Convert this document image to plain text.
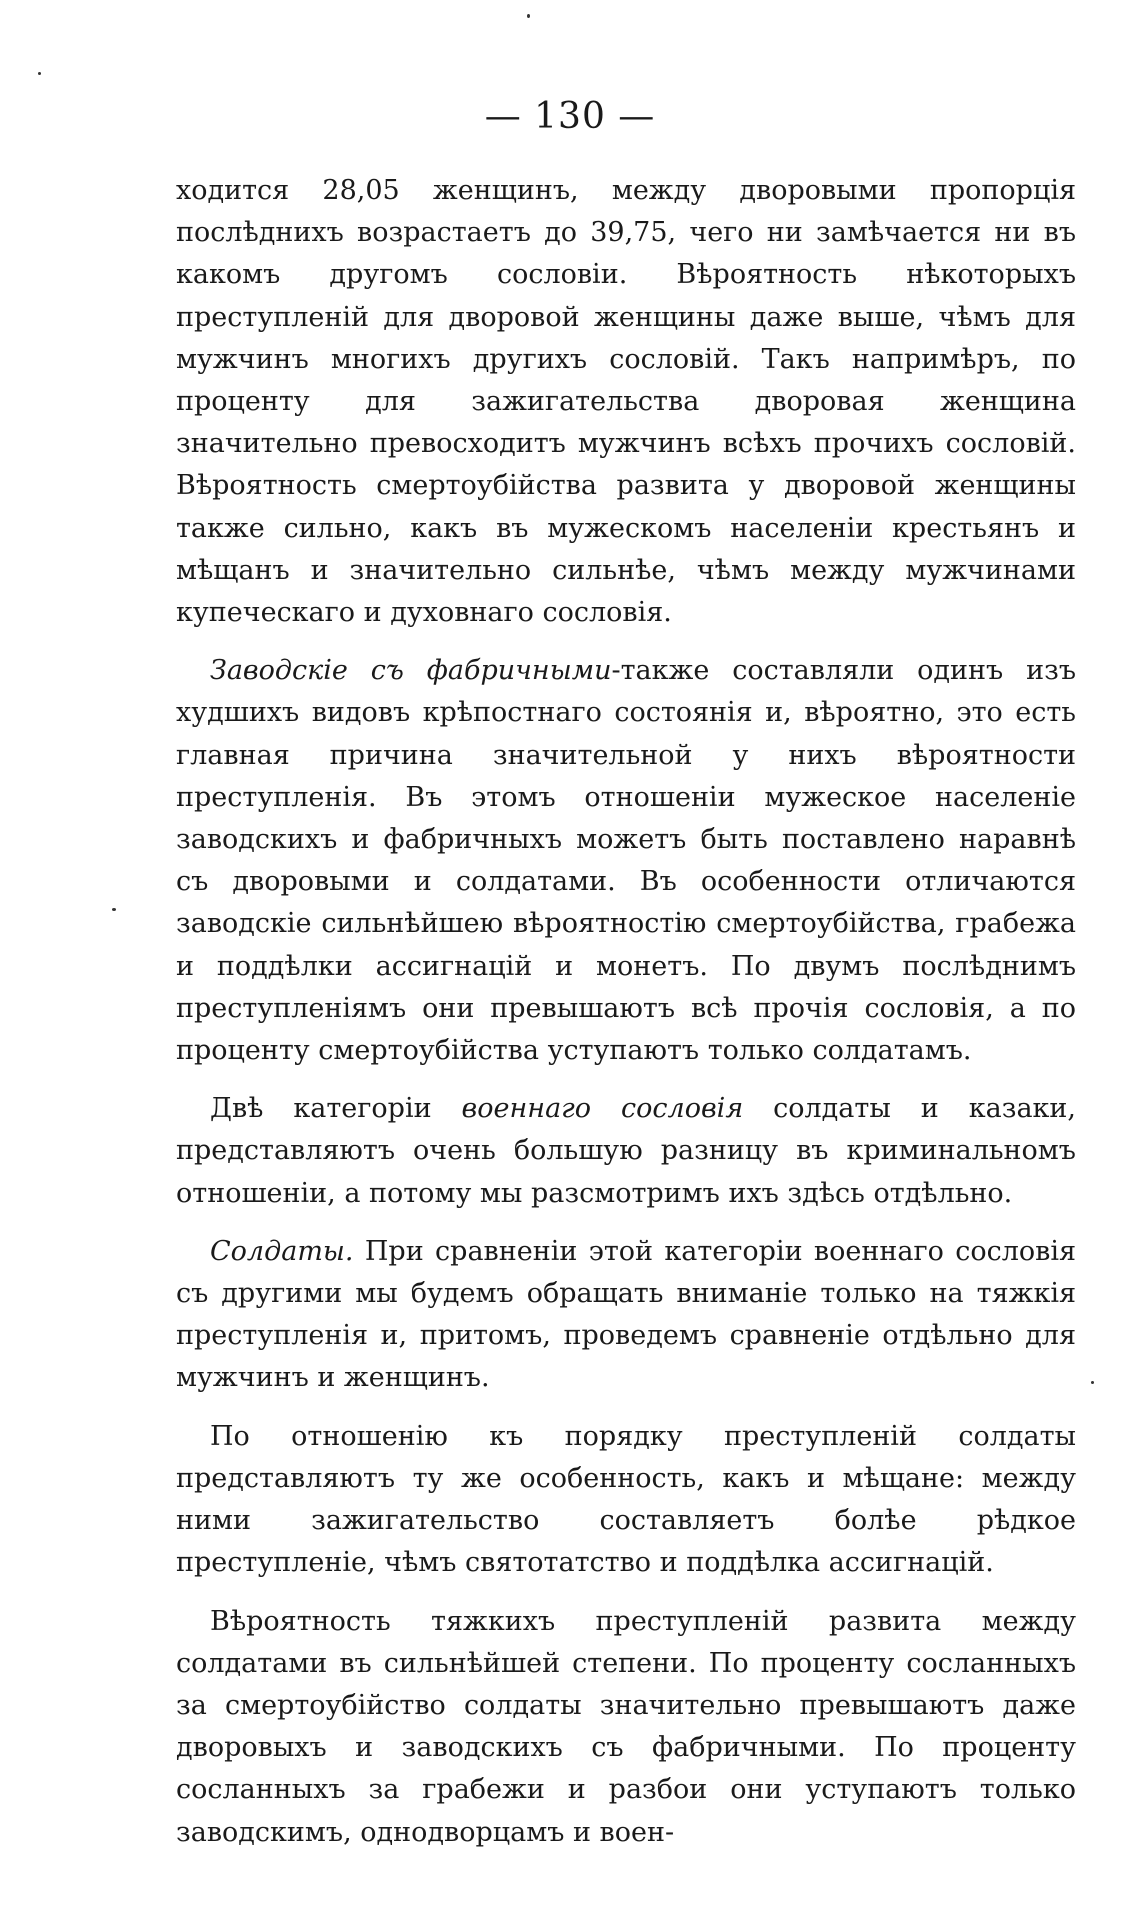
— 130 —

ходится 28,05 женщинъ, между дворовыми пропорція послѣднихъ возрастаетъ до 39,75, чего ни замѣчается ни въ какомъ другомъ сословіи. Вѣроятность нѣкоторыхъ преступленій для дворовой женщины даже выше, чѣмъ для мужчинъ многихъ другихъ сословій. Такъ напримѣръ, по проценту для зажигательства дворовая женщина значительно превосходитъ мужчинъ всѣхъ прочихъ сословій. Вѣроятность смертоубійства развита у дворовой женщины также сильно, какъ въ мужескомъ населеніи крестьянъ и мѣщанъ и значительно сильнѣе, чѣмъ между мужчинами купеческаго и духовнаго сословія.

Заводскіе съ фабричными-также составляли одинъ изъ худшихъ видовъ крѣпостнаго состоянія и, вѣроятно, это есть главная причина значительной у нихъ вѣроятности преступленія. Въ этомъ отношеніи мужеское населеніе заводскихъ и фабричныхъ можетъ быть поставлено наравнѣ съ дворовыми и солдатами. Въ особенности отличаются заводскіе сильнѣйшею вѣроятностію смертоубійства, грабежа и поддѣлки ассигнацій и монетъ. По двумъ послѣднимъ преступленіямъ они превышаютъ всѣ прочія сословія, а по проценту смертоубійства уступаютъ только солдатамъ.

Двѣ категоріи военнаго сословія солдаты и казаки, представляютъ очень большую разницу въ криминальномъ отношеніи, а потому мы разсмотримъ ихъ здѣсь отдѣльно.

Солдаты. При сравненіи этой категоріи военнаго сословія съ другими мы будемъ обращать вниманіе только на тяжкія преступленія и, притомъ, проведемъ сравненіе отдѣльно для мужчинъ и женщинъ.

По отношенію къ порядку преступленій солдаты представляютъ ту же особенность, какъ и мѣщане: между ними зажигательство составляетъ болѣе рѣдкое преступленіе, чѣмъ святотатство и поддѣлка ассигнацій.

Вѣроятность тяжкихъ преступленій развита между солдатами въ сильнѣйшей степени. По проценту сосланныхъ за смертоубійство солдаты значительно превышаютъ даже дворовыхъ и заводскихъ съ фабричными. По проценту сосланныхъ за грабежи и разбои они уступаютъ только заводскимъ, однодворцамъ и воен-
